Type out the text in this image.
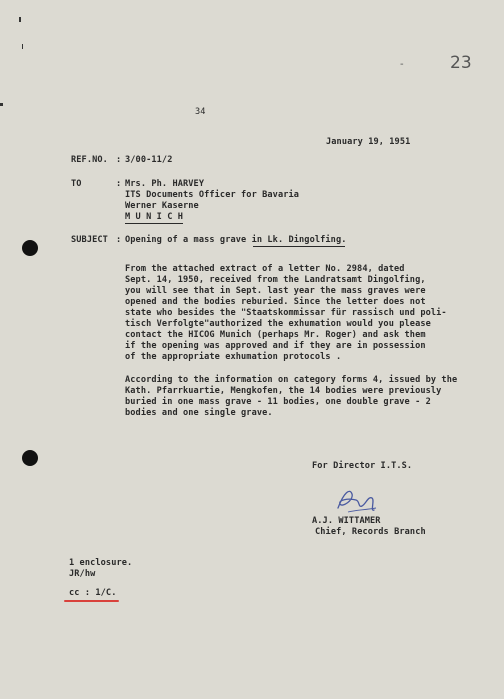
-	23
34
January 19, 1951
REF.NO. : 3/00-11/2
TO	: Mrs. Ph. HARVEY
ITS Documents Officer for Bavaria
Werner Kaserne
M U N I C H
SUBJECT : Opening of a mass grave in Lk. Dingolfing.
From the attached extract of a letter No. 2984, dated
Sept. 14, 1950, received from the Landratsamt Dingolfing,
you will see that in Sept. last year the mass graves were
opened and the bodies reburied. Since the letter does not
state who besides the "Staatskommissar für rassisch und poli-
tisch Verfolgte"authorized the exhumation would you please
contact the HICOG Munich (perhaps Mr. Roger) and ask them
if the opening was approved and if they are in possession
of the appropriate exhumation protocols .
According to the information on category forms 4, issued by the
Kath. Pfarrkuartie, Mengkofen, the 14 bodies were previously
buried in one mass grave - 11 bodies, one double grave - 2
bodies and one single grave.
For Director I.T.S.
A.J. WITTAMER
Chief, Records Branch
1 enclosure.
JR/hw
cc : 1/C.
